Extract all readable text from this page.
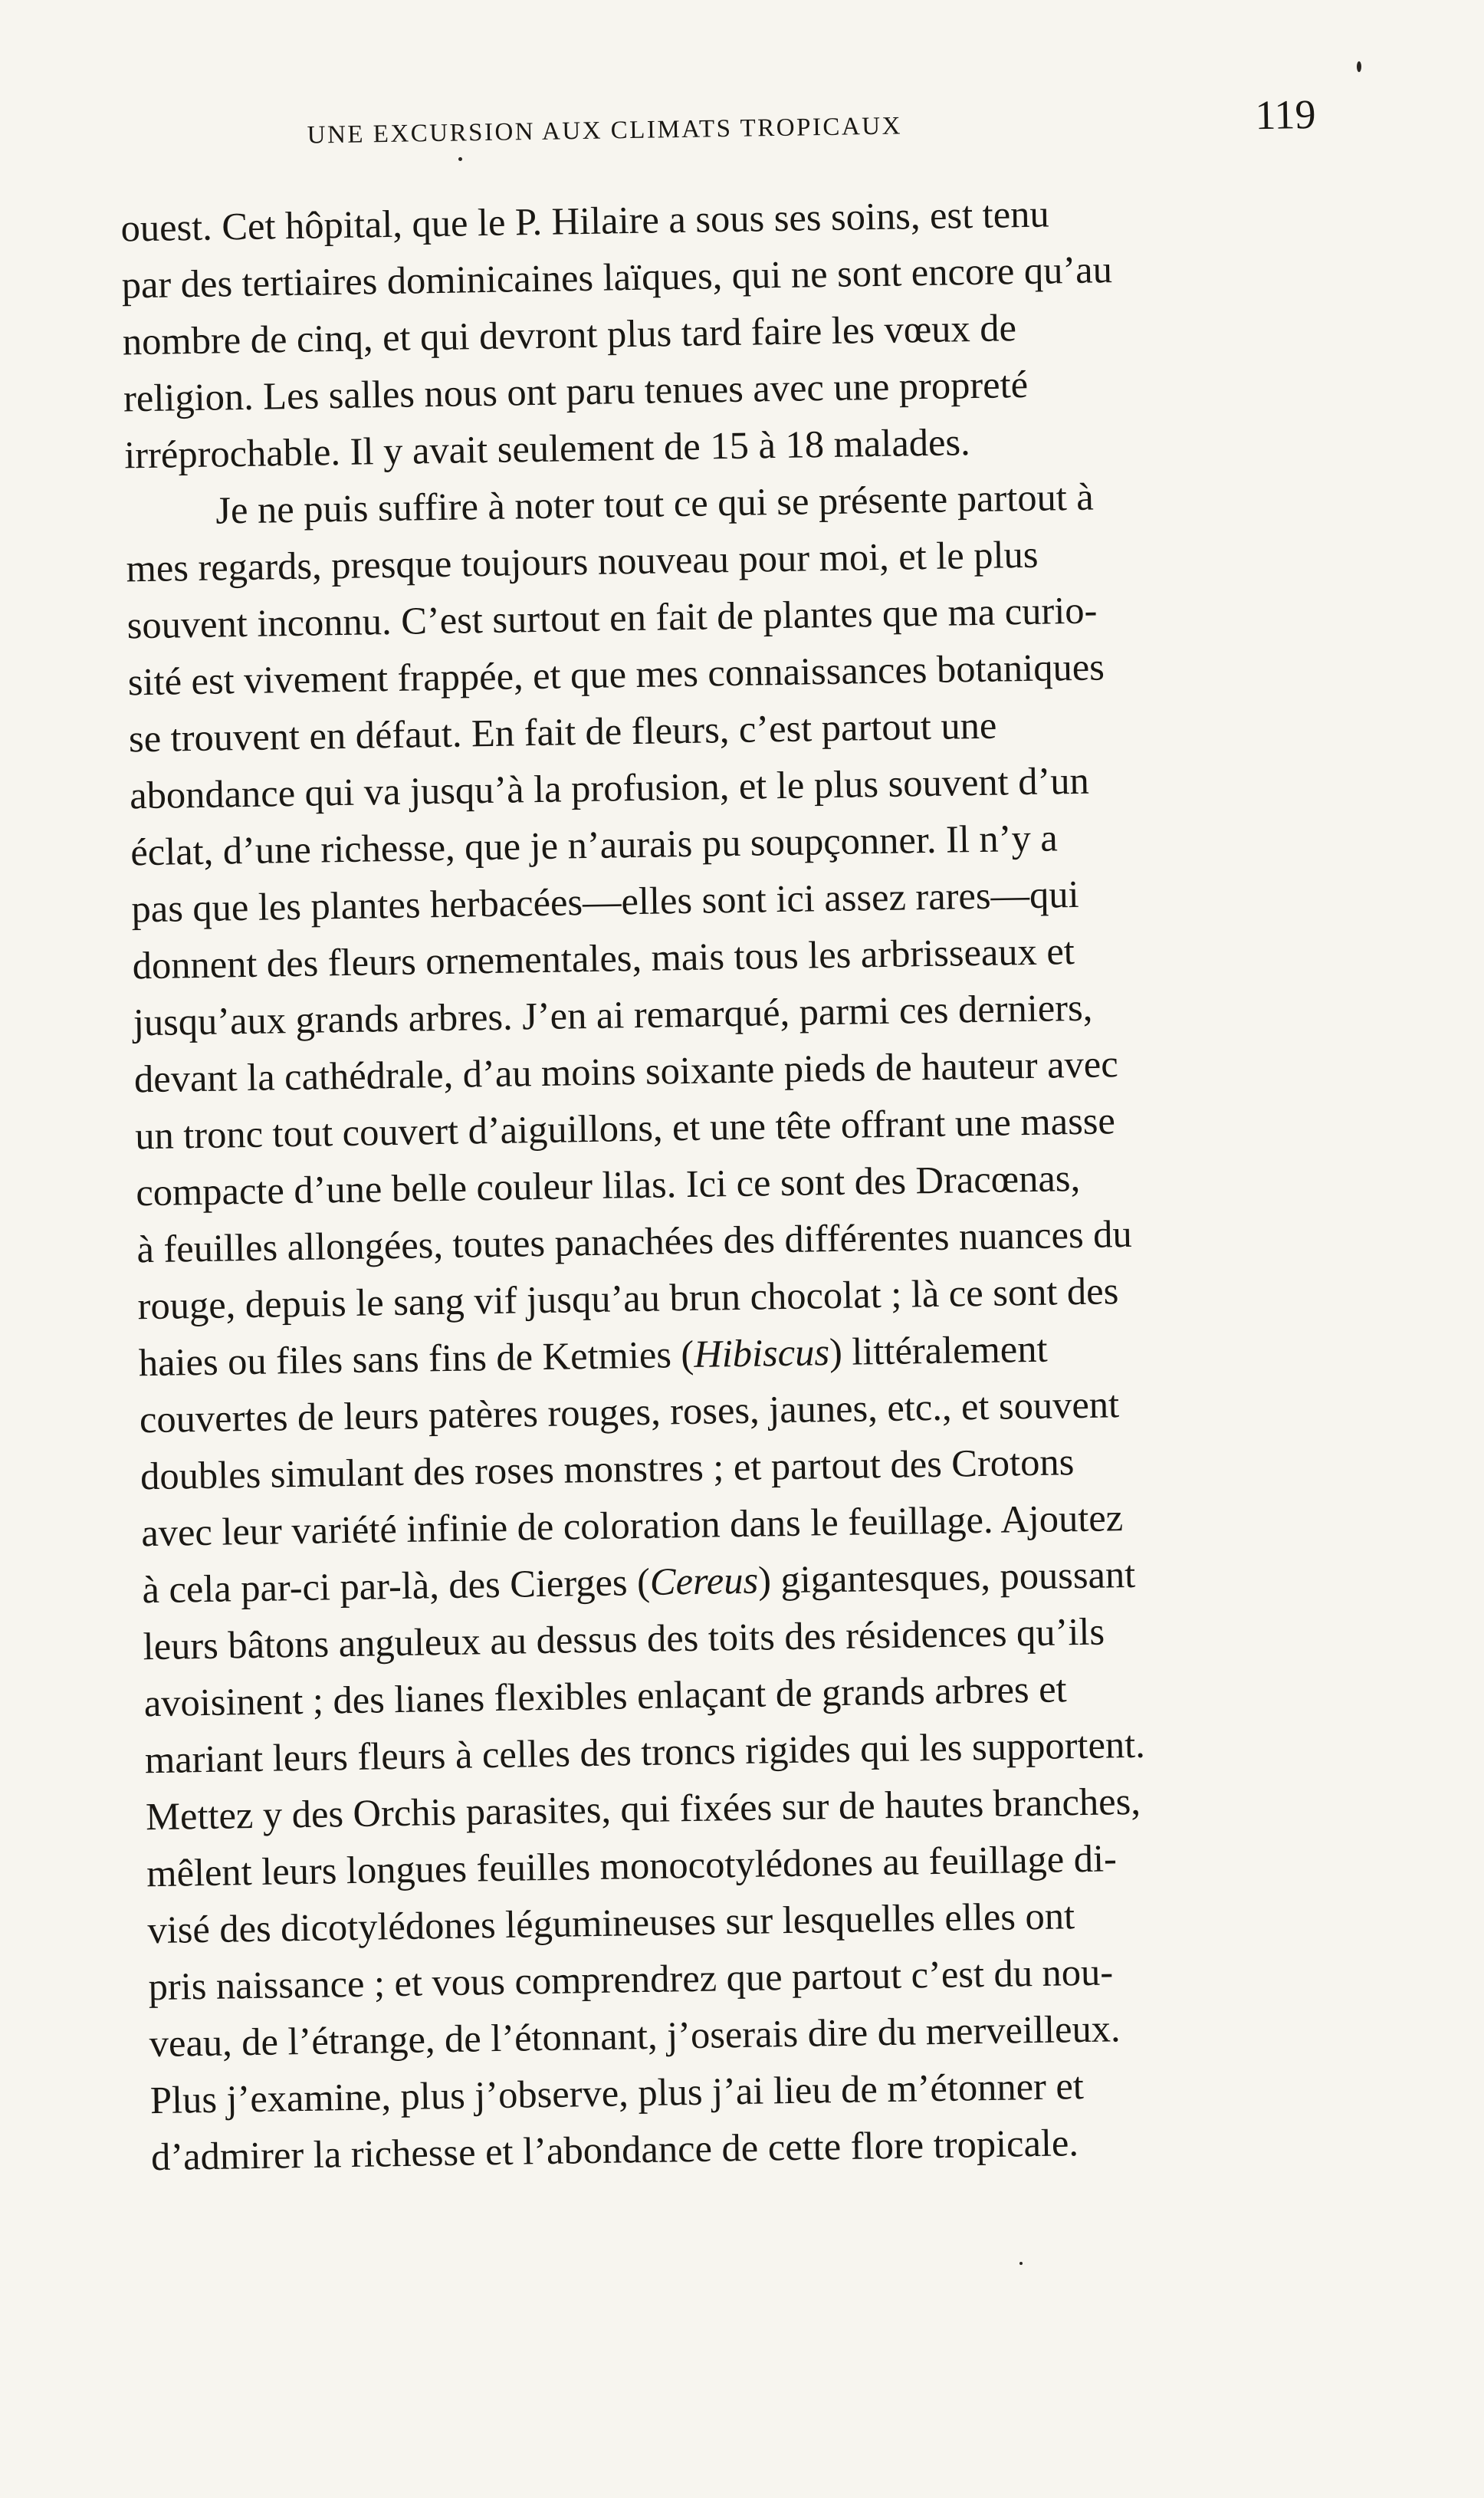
UNE EXCURSION AUX CLIMATS TROPICAUX	119
ouest. Cet hôpital, que le P. Hilaire a sous ses soins, est tenu
par des tertiaires dominicaines laïques, qui ne sont encore qu’au
nombre de cinq, et qui devront plus tard faire les vœux de
religion. Les salles nous ont paru tenues avec une propreté
irréprochable. Il y avait seulement de 15 à 18 malades.
Je ne puis suffire à noter tout ce qui se présente partout à
mes regards, presque toujours nouveau pour moi, et le plus
souvent inconnu. C’est surtout en fait de plantes que ma curio-
sité est vivement frappée, et que mes connaissances botaniques
se trouvent en défaut. En fait de fleurs, c’est partout une
abondance qui va jusqu’à la profusion, et le plus souvent d’un
éclat, d’une richesse, que je n’aurais pu soupçonner. Il n’y a
pas que les plantes herbacées—elles sont ici assez rares—qui
donnent des fleurs ornementales, mais tous les arbrisseaux et
jusqu’aux grands arbres. J’en ai remarqué, parmi ces derniers,
devant la cathédrale, d’au moins soixante pieds de hauteur avec
un tronc tout couvert d’aiguillons, et une tête offrant une masse
compacte d’une belle couleur lilas. Ici ce sont des Dracœnas,
à feuilles allongées, toutes panachées des différentes nuances du
rouge, depuis le sang vif jusqu’au brun chocolat ; là ce sont des
haies ou files sans fins de Ketmies (Hibiscus) littéralement
couvertes de leurs patères rouges, roses, jaunes, etc., et souvent
doubles simulant des roses monstres ; et partout des Crotons
avec leur variété infinie de coloration dans le feuillage. Ajoutez
à cela par-ci par-là, des Cierges (Cereus) gigantesques, poussant
leurs bâtons anguleux au dessus des toits des résidences qu’ils
avoisinent ; des lianes flexibles enlaçant de grands arbres et
mariant leurs fleurs à celles des troncs rigides qui les supportent.
Mettez y des Orchis parasites, qui fixées sur de hautes branches,
mêlent leurs longues feuilles monocotylédones au feuillage di-
visé des dicotylédones légumineuses sur lesquelles elles ont
pris naissance ; et vous comprendrez que partout c’est du nou-
veau, de l’étrange, de l’étonnant, j’oserais dire du merveilleux.
Plus j’examine, plus j’observe, plus j’ai lieu de m’étonner et
d’admirer la richesse et l’abondance de cette flore tropicale.
